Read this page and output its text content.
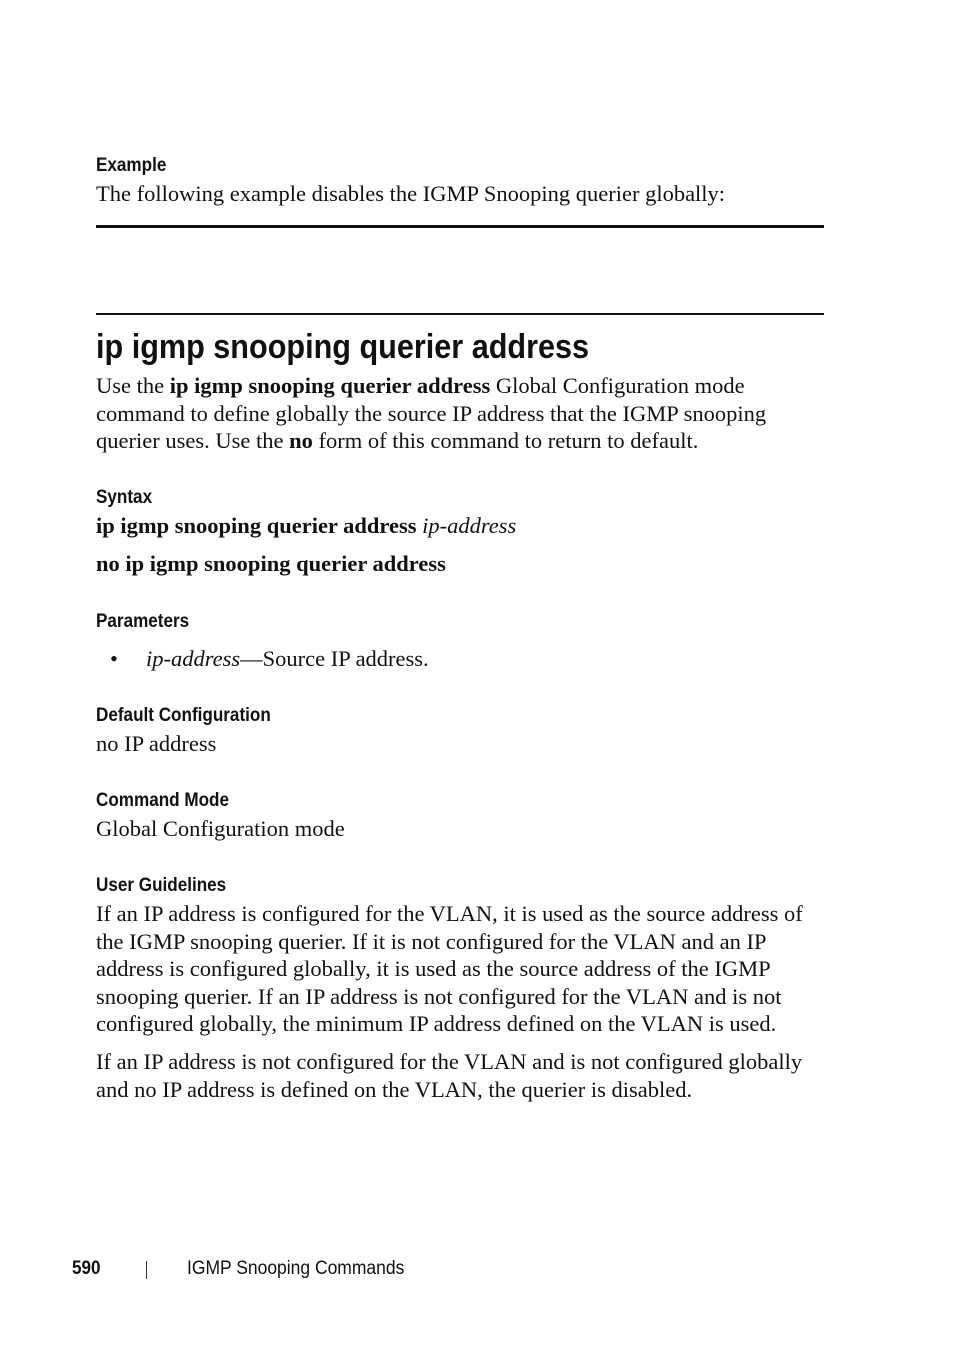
Example
The following example disables the IGMP Snooping querier globally:
ip igmp snooping querier address
Use the ip igmp snooping querier address Global Configuration mode command to define globally the source IP address that the IGMP snooping querier uses. Use the no form of this command to return to default.
Syntax
ip igmp snooping querier address ip-address
no ip igmp snooping querier address
Parameters
• ip-address—Source IP address.
Default Configuration
no IP address
Command Mode
Global Configuration mode
User Guidelines
If an IP address is configured for the VLAN, it is used as the source address of the IGMP snooping querier. If it is not configured for the VLAN and an IP address is configured globally, it is used as the source address of the IGMP snooping querier. If an IP address is not configured for the VLAN and is not configured globally, the minimum IP address defined on the VLAN is used.
If an IP address is not configured for the VLAN and is not configured globally and no IP address is defined on the VLAN, the querier is disabled.
590	IGMP Snooping Commands
